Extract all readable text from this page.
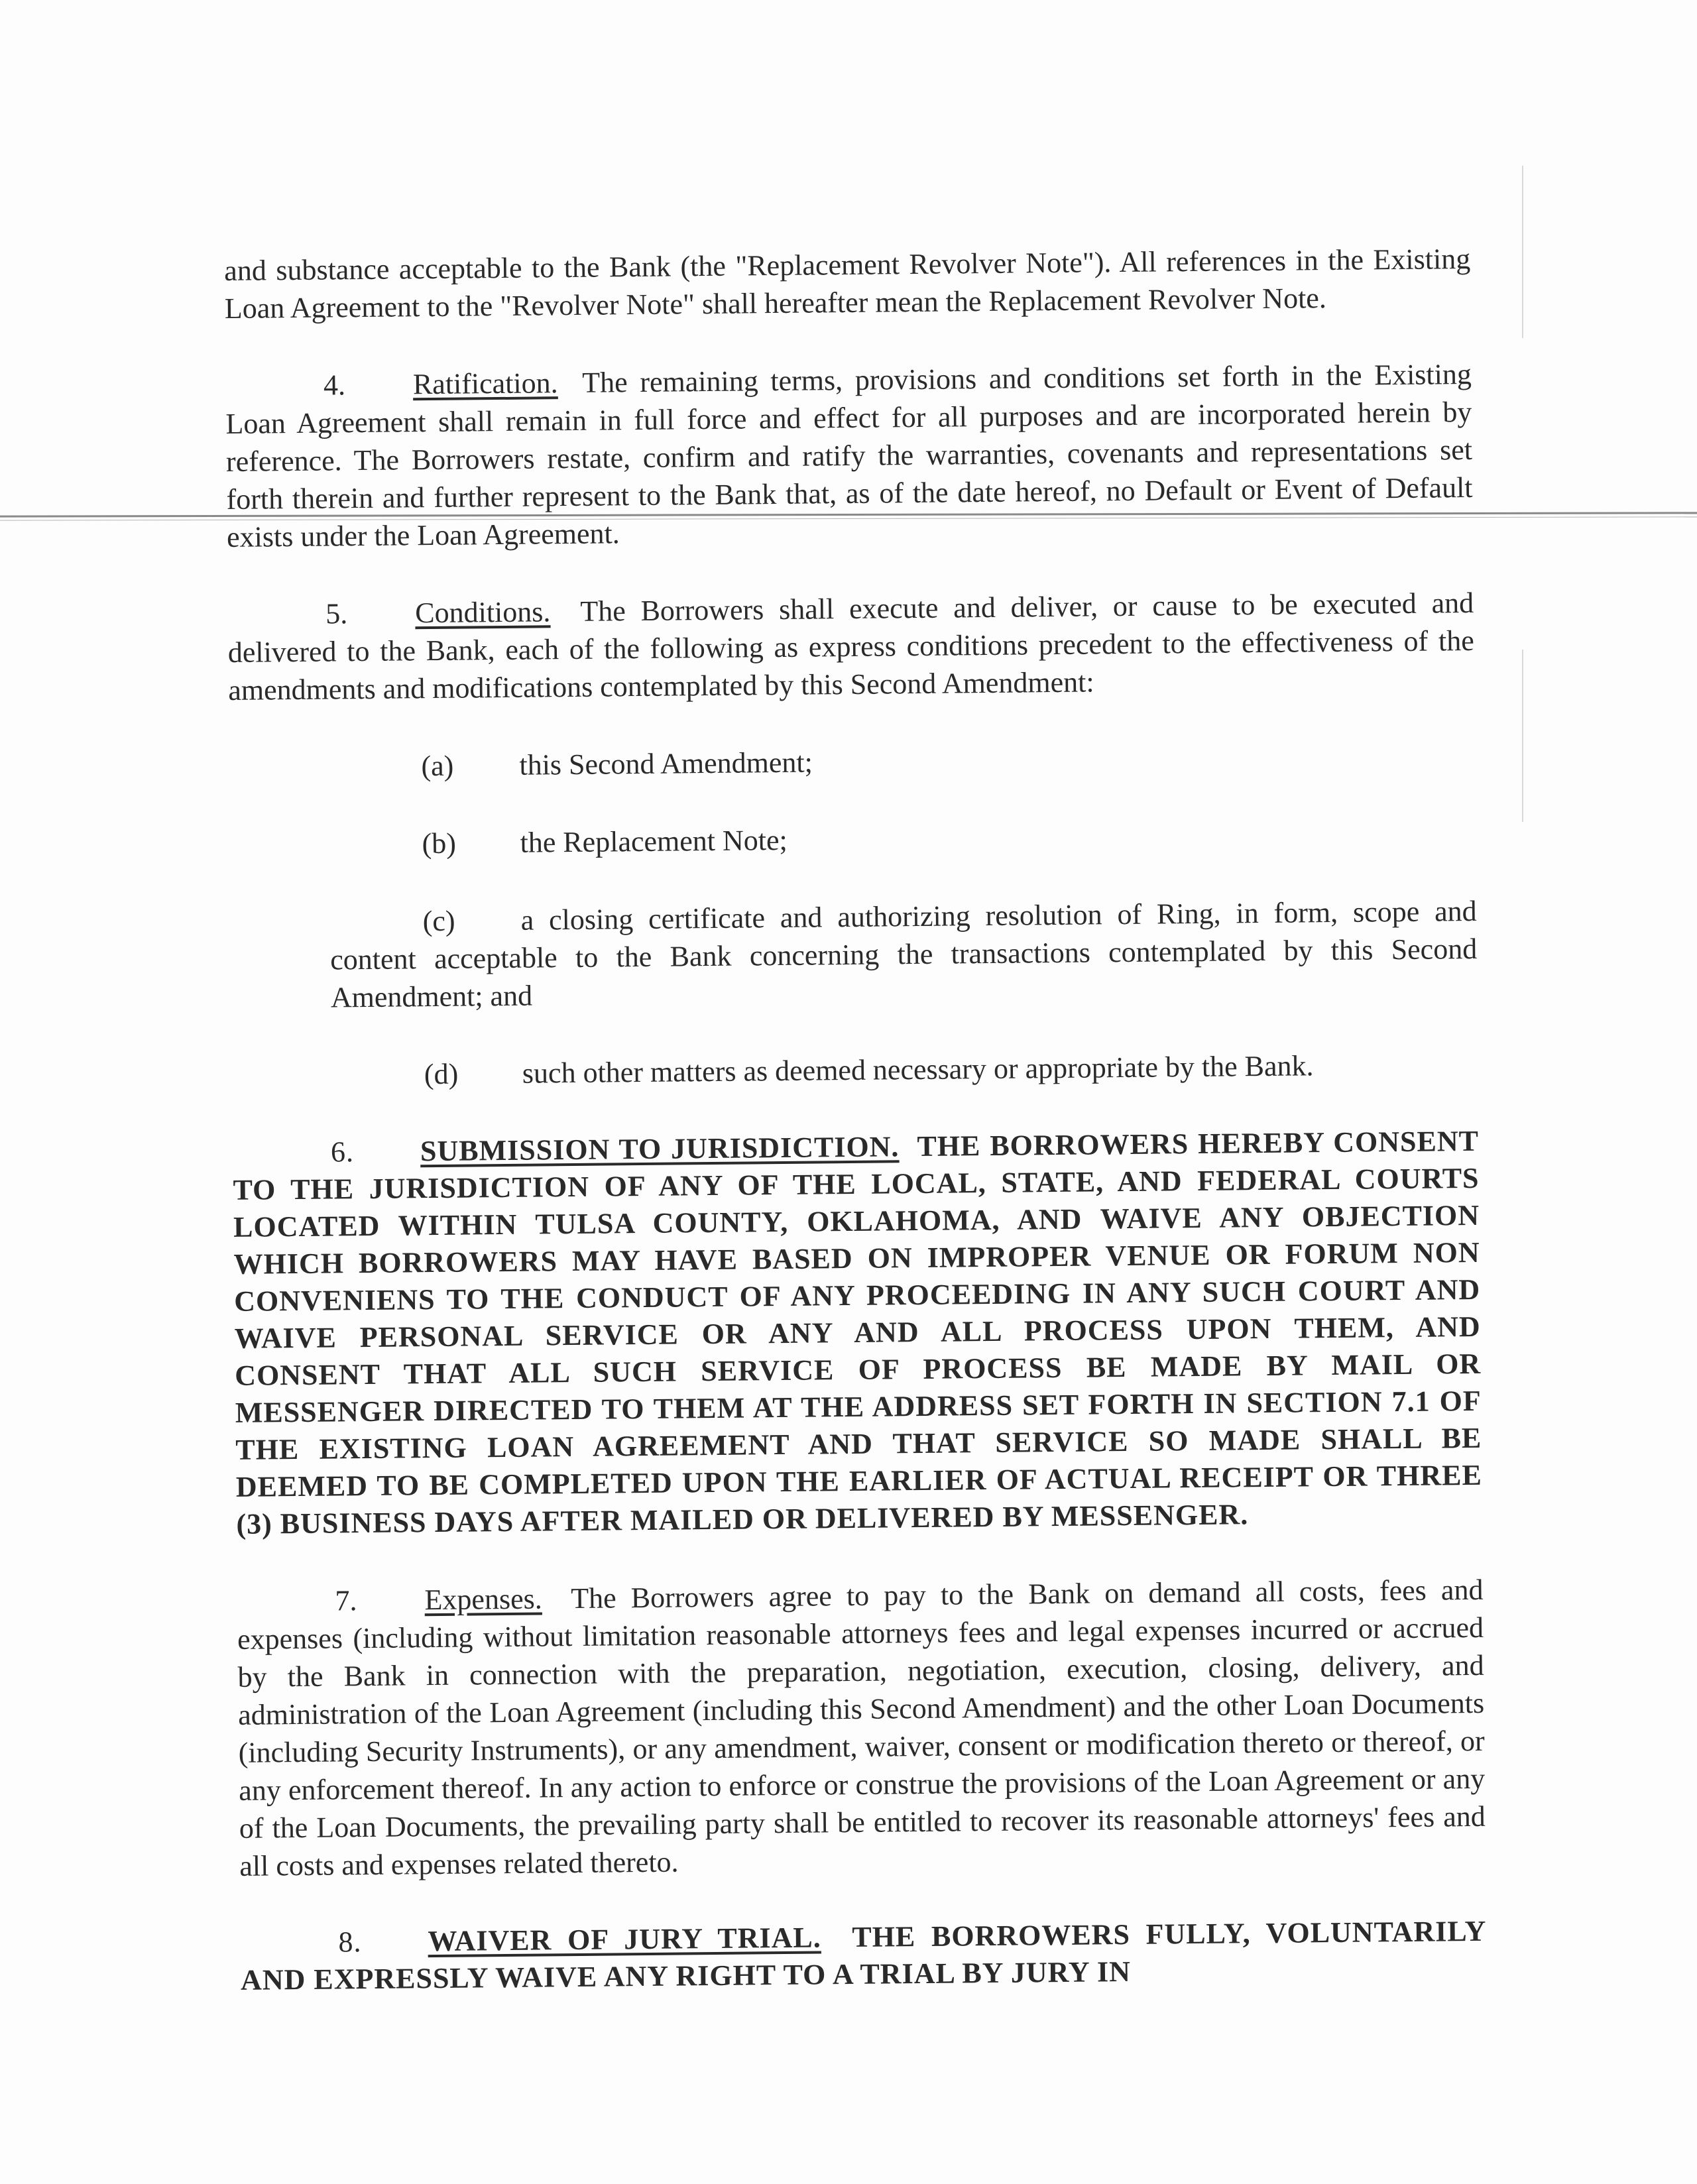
and substance acceptable to the Bank (the "Replacement Revolver Note"). All references in the Existing Loan Agreement to the "Revolver Note" shall hereafter mean the Replacement Revolver Note.

4. Ratification. The remaining terms, provisions and conditions set forth in the Existing Loan Agreement shall remain in full force and effect for all purposes and are incorporated herein by reference. The Borrowers restate, confirm and ratify the warranties, covenants and representations set forth therein and further represent to the Bank that, as of the date hereof, no Default or Event of Default exists under the Loan Agreement.

5. Conditions. The Borrowers shall execute and deliver, or cause to be executed and delivered to the Bank, each of the following as express conditions precedent to the effectiveness of the amendments and modifications contemplated by this Second Amendment:

(a) this Second Amendment;

(b) the Replacement Note;

(c) a closing certificate and authorizing resolution of Ring, in form, scope and content acceptable to the Bank concerning the transactions contemplated by this Second Amendment; and

(d) such other matters as deemed necessary or appropriate by the Bank.

6. SUBMISSION TO JURISDICTION. THE BORROWERS HEREBY CONSENT TO THE JURISDICTION OF ANY OF THE LOCAL, STATE, AND FEDERAL COURTS LOCATED WITHIN TULSA COUNTY, OKLAHOMA, AND WAIVE ANY OBJECTION WHICH BORROWERS MAY HAVE BASED ON IMPROPER VENUE OR FORUM NON CONVENIENS TO THE CONDUCT OF ANY PROCEEDING IN ANY SUCH COURT AND WAIVE PERSONAL SERVICE OR ANY AND ALL PROCESS UPON THEM, AND CONSENT THAT ALL SUCH SERVICE OF PROCESS BE MADE BY MAIL OR MESSENGER DIRECTED TO THEM AT THE ADDRESS SET FORTH IN SECTION 7.1 OF THE EXISTING LOAN AGREEMENT AND THAT SERVICE SO MADE SHALL BE DEEMED TO BE COMPLETED UPON THE EARLIER OF ACTUAL RECEIPT OR THREE (3) BUSINESS DAYS AFTER MAILED OR DELIVERED BY MESSENGER.

7. Expenses. The Borrowers agree to pay to the Bank on demand all costs, fees and expenses (including without limitation reasonable attorneys fees and legal expenses incurred or accrued by the Bank in connection with the preparation, negotiation, execution, closing, delivery, and administration of the Loan Agreement (including this Second Amendment) and the other Loan Documents (including Security Instruments), or any amendment, waiver, consent or modification thereto or thereof, or any enforcement thereof. In any action to enforce or construe the provisions of the Loan Agreement or any of the Loan Documents, the prevailing party shall be entitled to recover its reasonable attorneys' fees and all costs and expenses related thereto.

8. WAIVER OF JURY TRIAL. THE BORROWERS FULLY, VOLUNTARILY AND EXPRESSLY WAIVE ANY RIGHT TO A TRIAL BY JURY IN
